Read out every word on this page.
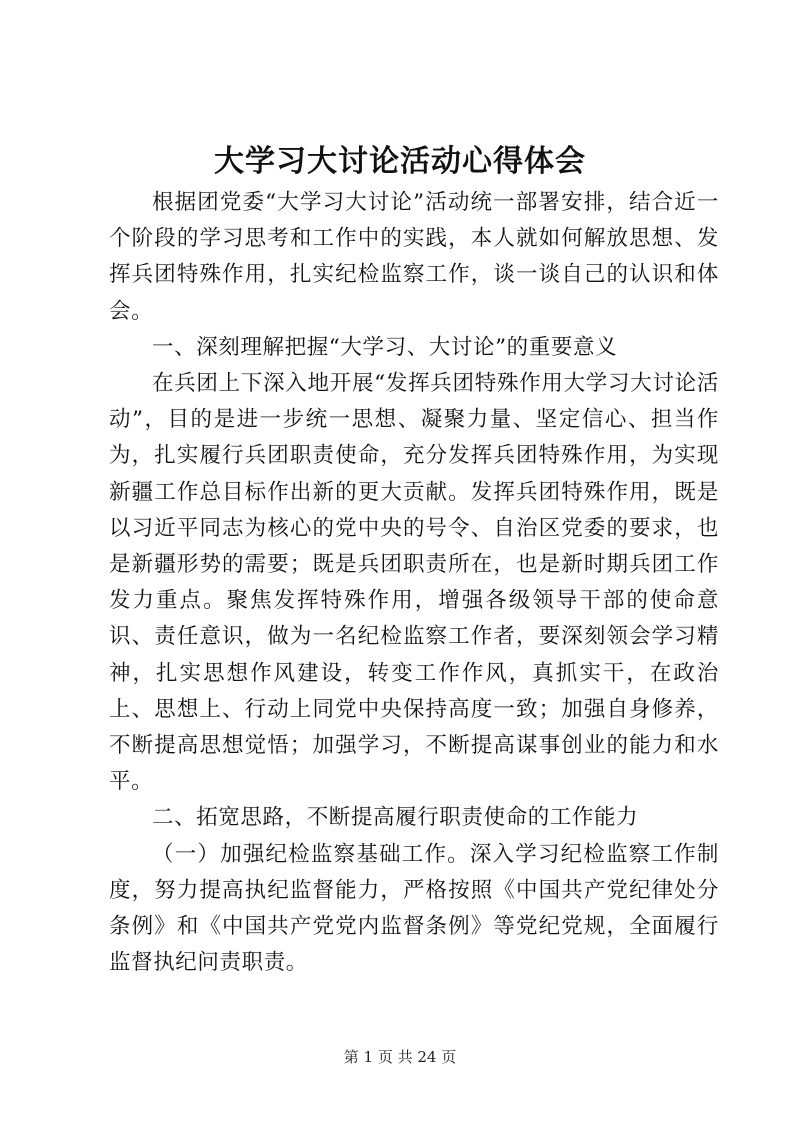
大学习大讨论活动心得体会

根据团党委“大学习大讨论”活动统一部署安排，结合近一个阶段的学习思考和工作中的实践，本人就如何解放思想、发挥兵团特殊作用，扎实纪检监察工作，谈一谈自己的认识和体会。

一、深刻理解把握“大学习、大讨论”的重要意义

在兵团上下深入地开展“发挥兵团特殊作用大学习大讨论活动”，目的是进一步统一思想、凝聚力量、坚定信心、担当作为，扎实履行兵团职责使命，充分发挥兵团特殊作用，为实现新疆工作总目标作出新的更大贡献。发挥兵团特殊作用，既是以习近平同志为核心的党中央的号令、自治区党委的要求，也是新疆形势的需要；既是兵团职责所在，也是新时期兵团工作发力重点。聚焦发挥特殊作用，增强各级领导干部的使命意识、责任意识，做为一名纪检监察工作者，要深刻领会学习精神，扎实思想作风建设，转变工作作风，真抓实干，在政治上、思想上、行动上同党中央保持高度一致；加强自身修养，不断提高思想觉悟；加强学习，不断提高谋事创业的能力和水平。

二、拓宽思路，不断提高履行职责使命的工作能力

（一）加强纪检监察基础工作。深入学习纪检监察工作制度，努力提高执纪监督能力，严格按照《中国共产党纪律处分条例》和《中国共产党党内监督条例》等党纪党规，全面履行监督执纪问责职责。

第 1 页 共 24 页
